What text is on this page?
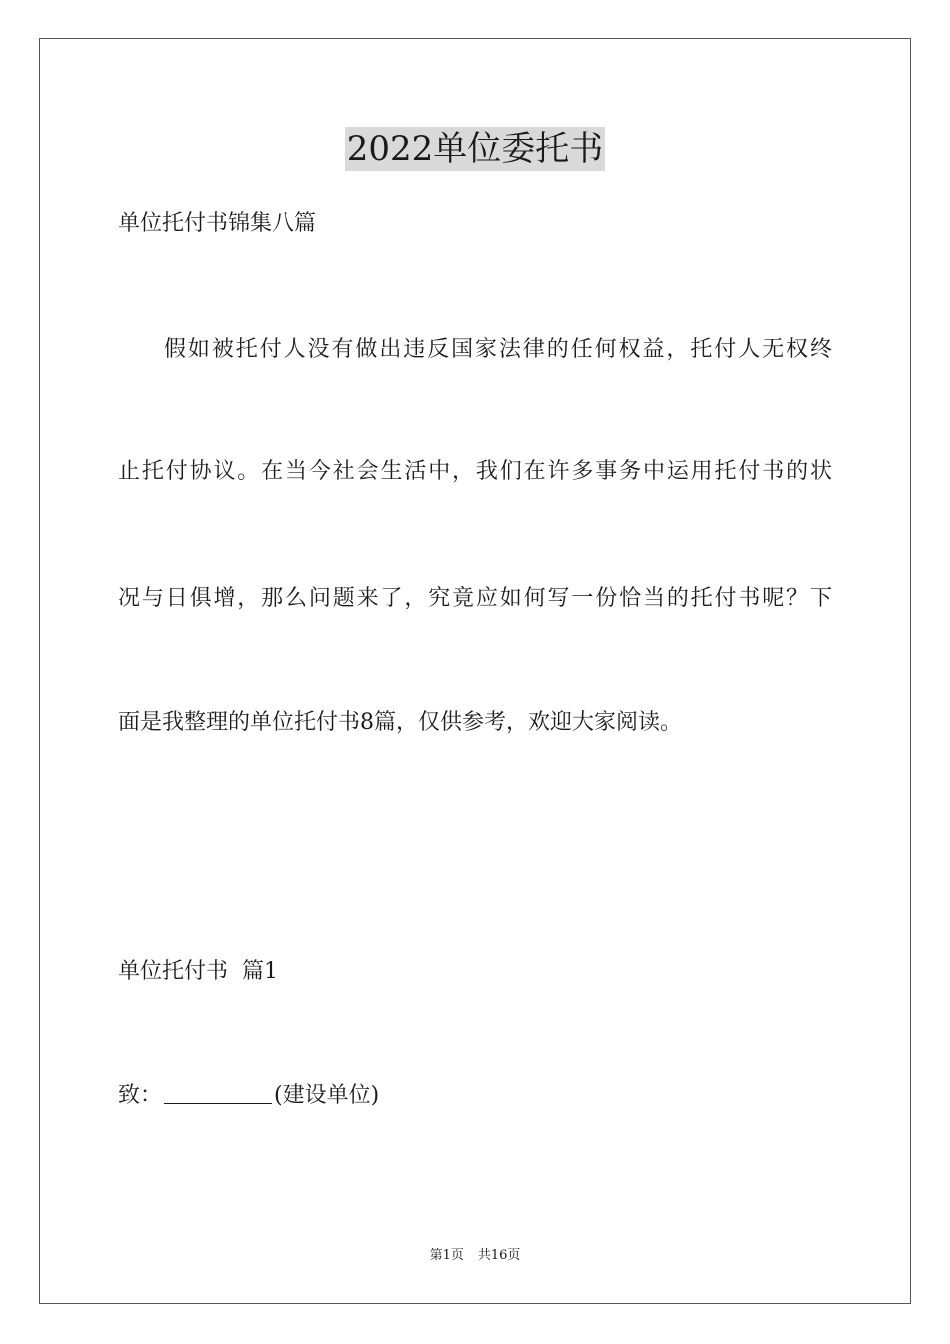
2022单位委托书
单位托付书锦集八篇
假如被托付人没有做出违反国家法律的任何权益，托付人无权终
止托付协议。在当今社会生活中，我们在许多事务中运用托付书的状
况与日俱增，那么问题来了，究竟应如何写一份恰当的托付书呢？下
面是我整理的单位托付书8篇，仅供参考，欢迎大家阅读。
单位托付书  篇1
致：	(建设单位)
第1页 共16页
